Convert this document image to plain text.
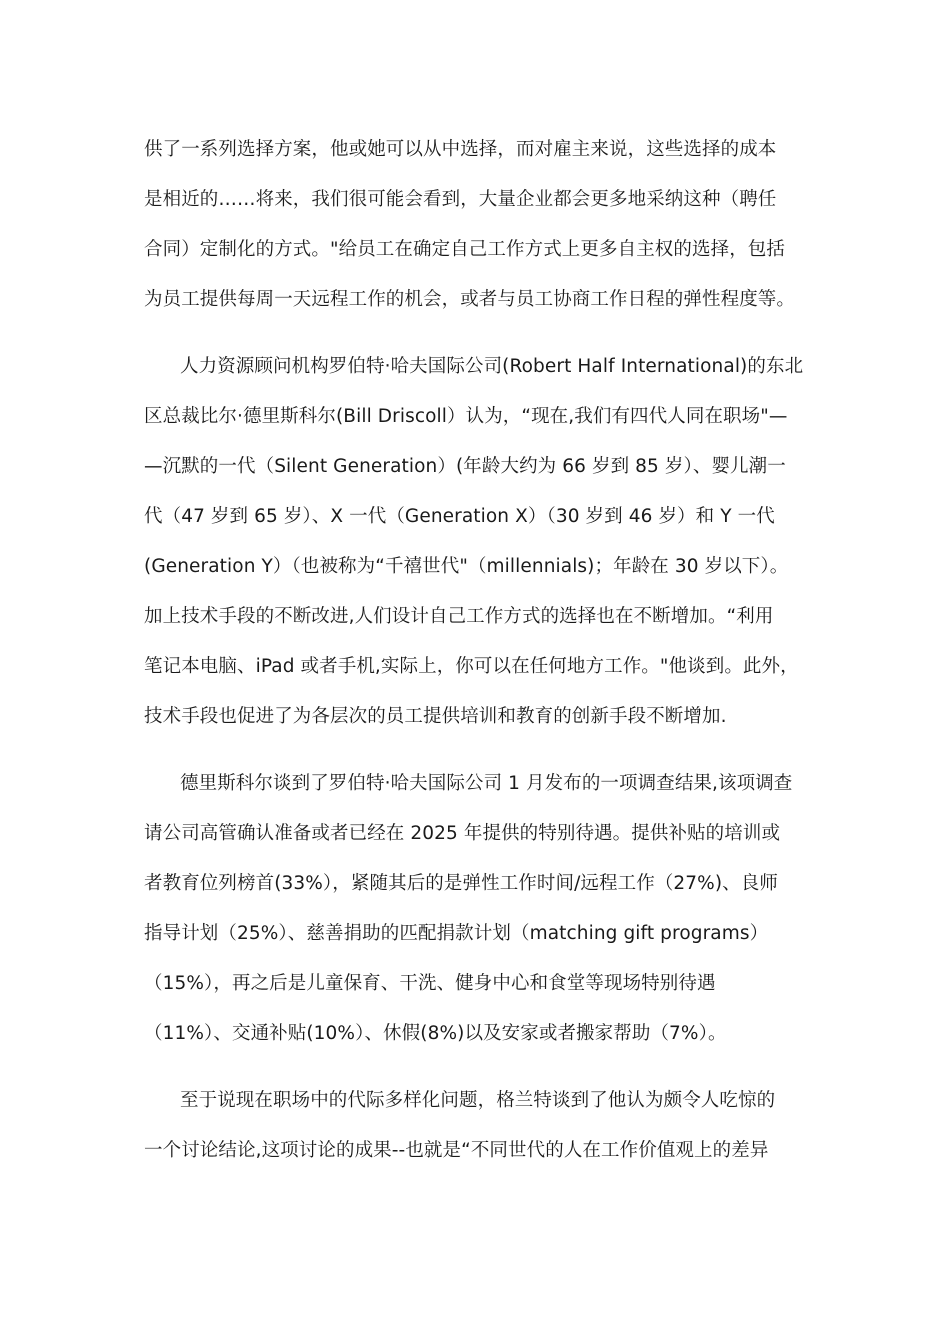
供了一系列选择方案，他或她可以从中选择，而对雇主来说，这些选择的成本
是相近的……将来，我们很可能会看到，大量企业都会更多地采纳这种（聘任
合同）定制化的方式。"给员工在确定自己工作方式上更多自主权的选择，包括
为员工提供每周一天远程工作的机会，或者与员工协商工作日程的弹性程度等。
人力资源顾问机构罗伯特·哈夫国际公司(Robert Half International)的东北
区总裁比尔·德里斯科尔(Bill Driscoll）认为，“现在,我们有四代人同在职场"—
—沉默的一代（Silent Generation）(年龄大约为 66 岁到 85 岁）、婴儿潮一
代（47 岁到 65 岁）、X 一代（Generation X）（30 岁到 46 岁）和 Y 一代
(Generation Y）（也被称为“千禧世代"（millennials)；年龄在 30 岁以下）。
加上技术手段的不断改进,人们设计自己工作方式的选择也在不断增加。“利用
笔记本电脑、iPad 或者手机,实际上，你可以在任何地方工作。"他谈到。此外，
技术手段也促进了为各层次的员工提供培训和教育的创新手段不断增加.
德里斯科尔谈到了罗伯特·哈夫国际公司 1 月发布的一项调查结果,该项调查
请公司高管确认准备或者已经在 2025 年提供的特别待遇。提供补贴的培训或
者教育位列榜首(33%），紧随其后的是弹性工作时间/远程工作（27%)、良师
指导计划（25%）、慈善捐助的匹配捐款计划（matching gift programs）
（15%），再之后是儿童保育、干洗、健身中心和食堂等现场特别待遇
（11%）、交通补贴(10%）、休假(8%)以及安家或者搬家帮助（7%）。
至于说现在职场中的代际多样化问题，格兰特谈到了他认为颇令人吃惊的
一个讨论结论,这项讨论的成果--也就是“不同世代的人在工作价值观上的差异
